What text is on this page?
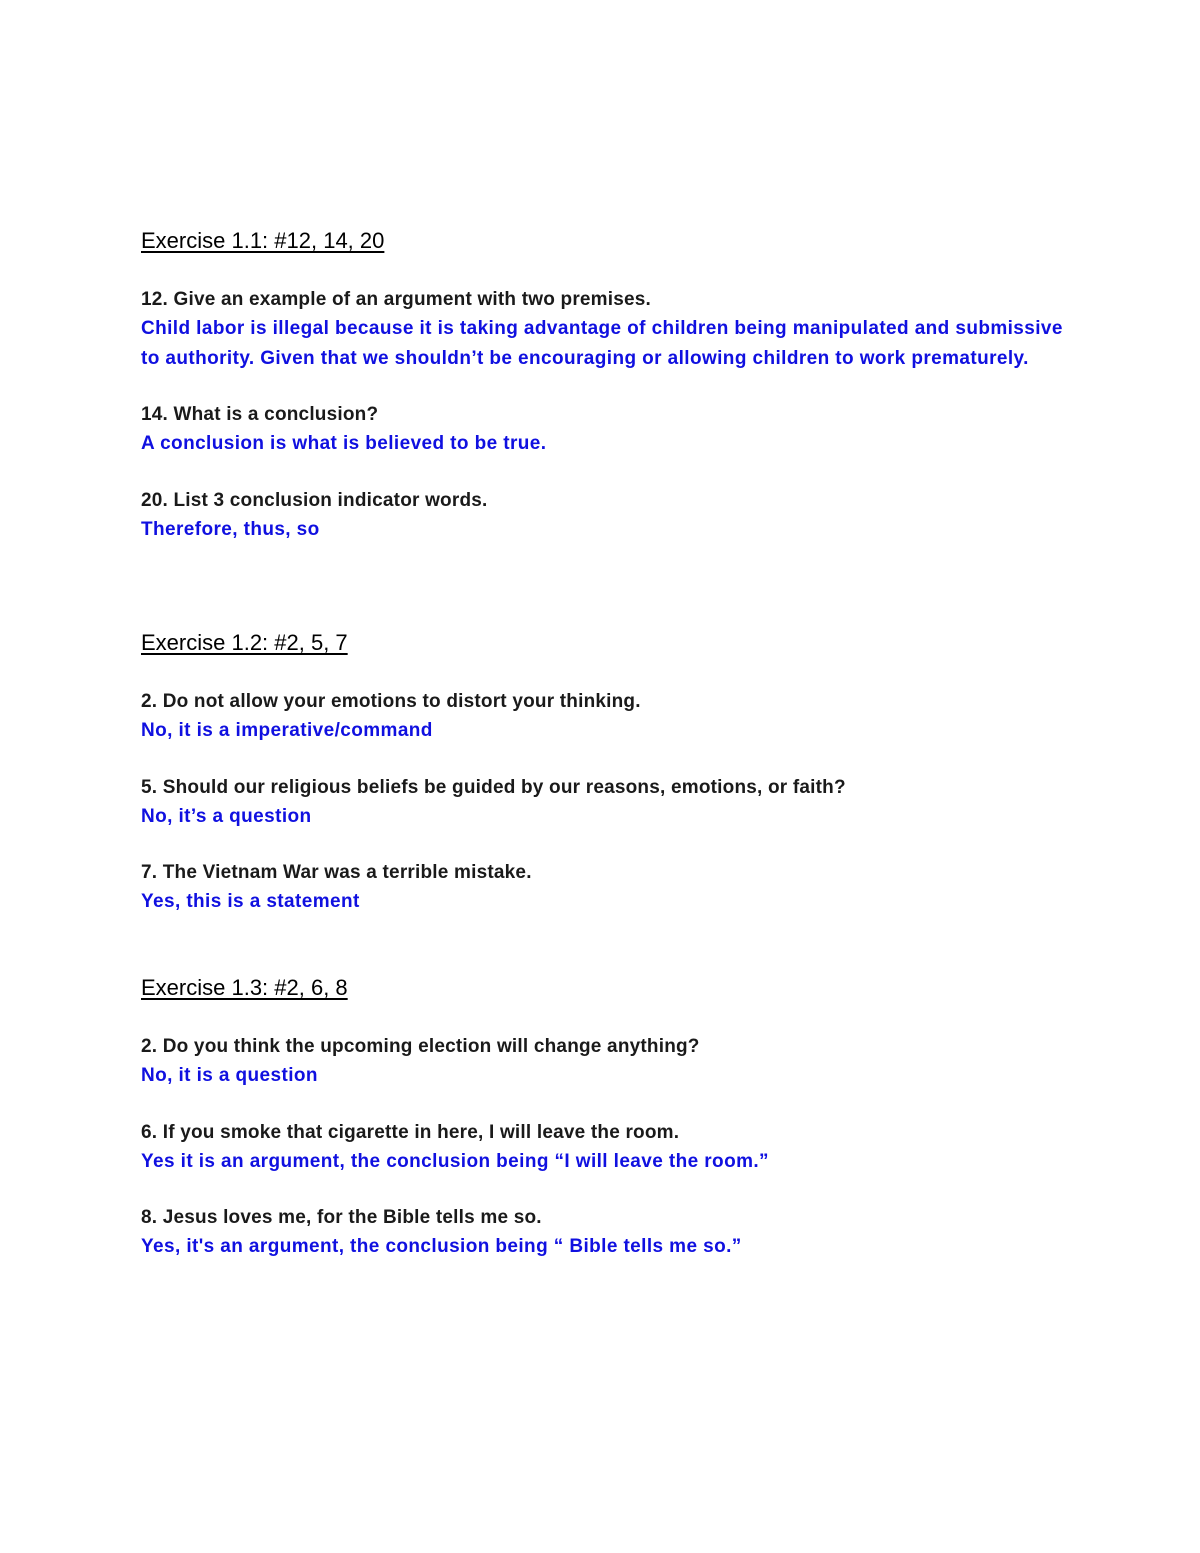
Exercise 1.1: #12, 14, 20

12. Give an example of an argument with two premises.

Child labor is illegal because it is taking advantage of children being manipulated and submissive to authority. Given that we shouldn’t be encouraging or allowing children to work prematurely.

14. What is a conclusion?

A conclusion is what is believed to be true.

20. List 3 conclusion indicator words.

Therefore, thus, so

Exercise 1.2: #2, 5, 7

2. Do not allow your emotions to distort your thinking.

No, it is a imperative/command

5. Should our religious beliefs be guided by our reasons, emotions, or faith?

No, it’s a question

7. The Vietnam War was a terrible mistake.

Yes, this is a statement

Exercise 1.3: #2, 6, 8

2. Do you think the upcoming election will change anything?

No, it is a question

6. If you smoke that cigarette in here, I will leave the room.

Yes it is an argument, the conclusion being “I will leave the room.”

8. Jesus loves me, for the Bible tells me so.

Yes, it's an argument, the conclusion being “ Bible tells me so.”
